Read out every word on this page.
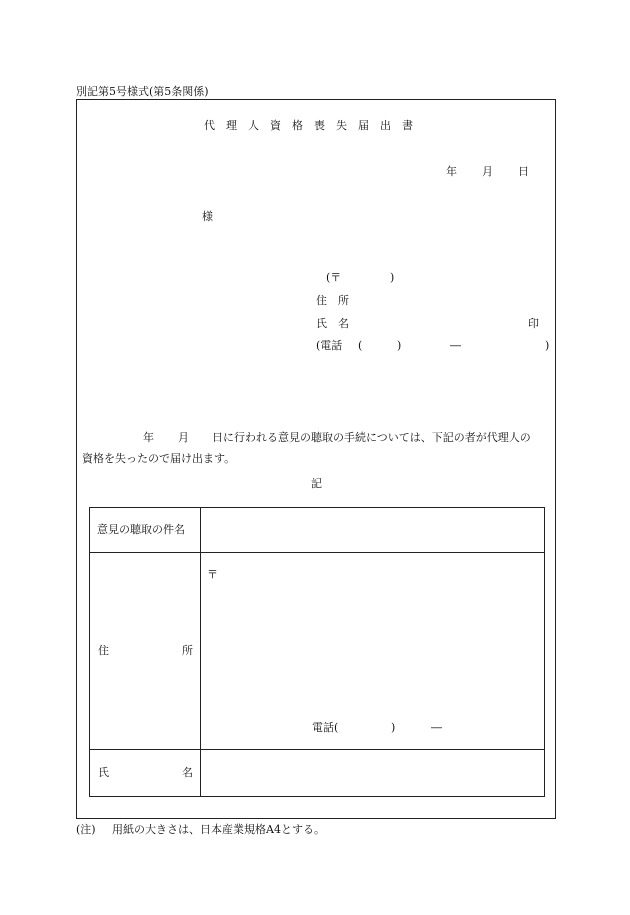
別記第5号様式(第5条関係)
代理人資格喪失届出書
年 月 日
様
(〒	)
住 所
氏 名	印
(電話 (	)	―	)
年 月 日に行われる意見の聴取の手続については、下記の者が代理人の
資格を失ったので届け出ます。
記
意見の聴取の件名	

住 所	〒
電話( ) ―

氏 名	

(注) 用紙の大きさは、日本産業規格A4とする。
